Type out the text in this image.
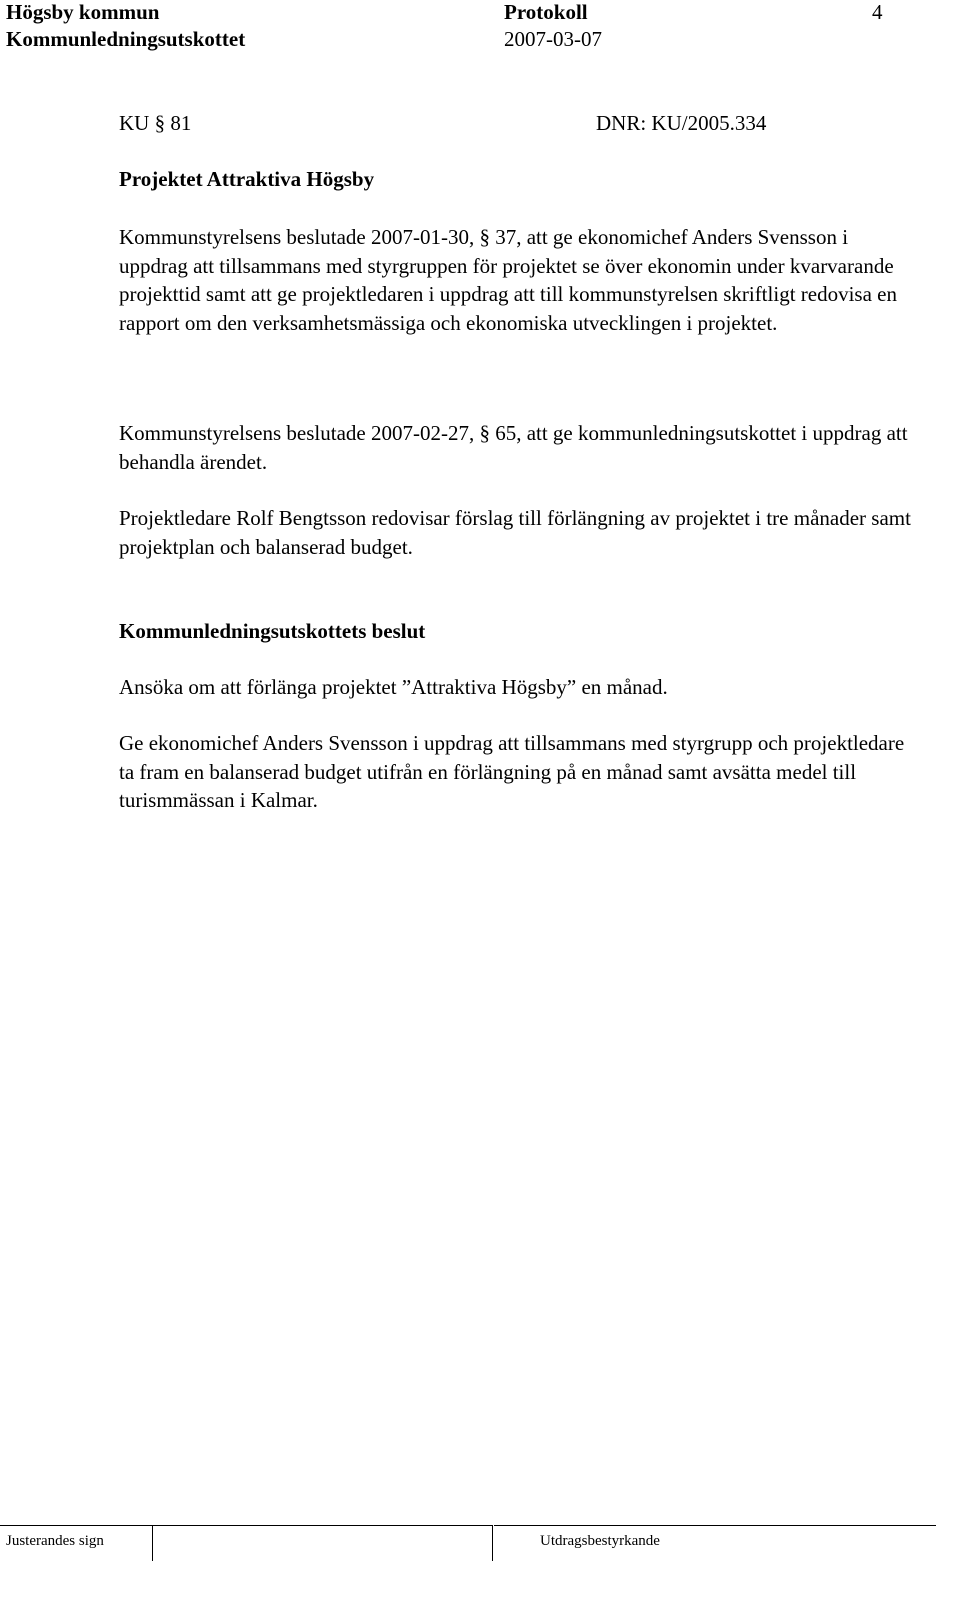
Högsby kommun	Protokoll	4
Kommunledningsutskottet	2007-03-07
KU § 81	DNR: KU/2005.334
Projektet Attraktiva Högsby
Kommunstyrelsens beslutade 2007-01-30, § 37, att ge ekonomichef Anders Svensson i uppdrag att tillsammans med styrgruppen för projektet se över ekonomin under kvarvarande projekttid samt att ge projektledaren i uppdrag att till kommunstyrelsen skriftligt redovisa en rapport om den verksamhetsmässiga och ekonomiska utvecklingen i projektet.
Kommunstyrelsens beslutade 2007-02-27, § 65, att ge kommunledningsutskottet i uppdrag att behandla ärendet.
Projektledare Rolf Bengtsson redovisar förslag till förlängning av projektet i tre månader samt projektplan och balanserad budget.
Kommunledningsutskottets beslut
Ansöka om att förlänga projektet ”Attraktiva Högsby” en månad.
Ge ekonomichef Anders Svensson i uppdrag att tillsammans med styrgrupp och projektledare ta fram en balanserad budget utifrån en förlängning på en månad samt avsätta medel till turismmässan i Kalmar.
Justerandes sign	Utdragsbestyrkande
